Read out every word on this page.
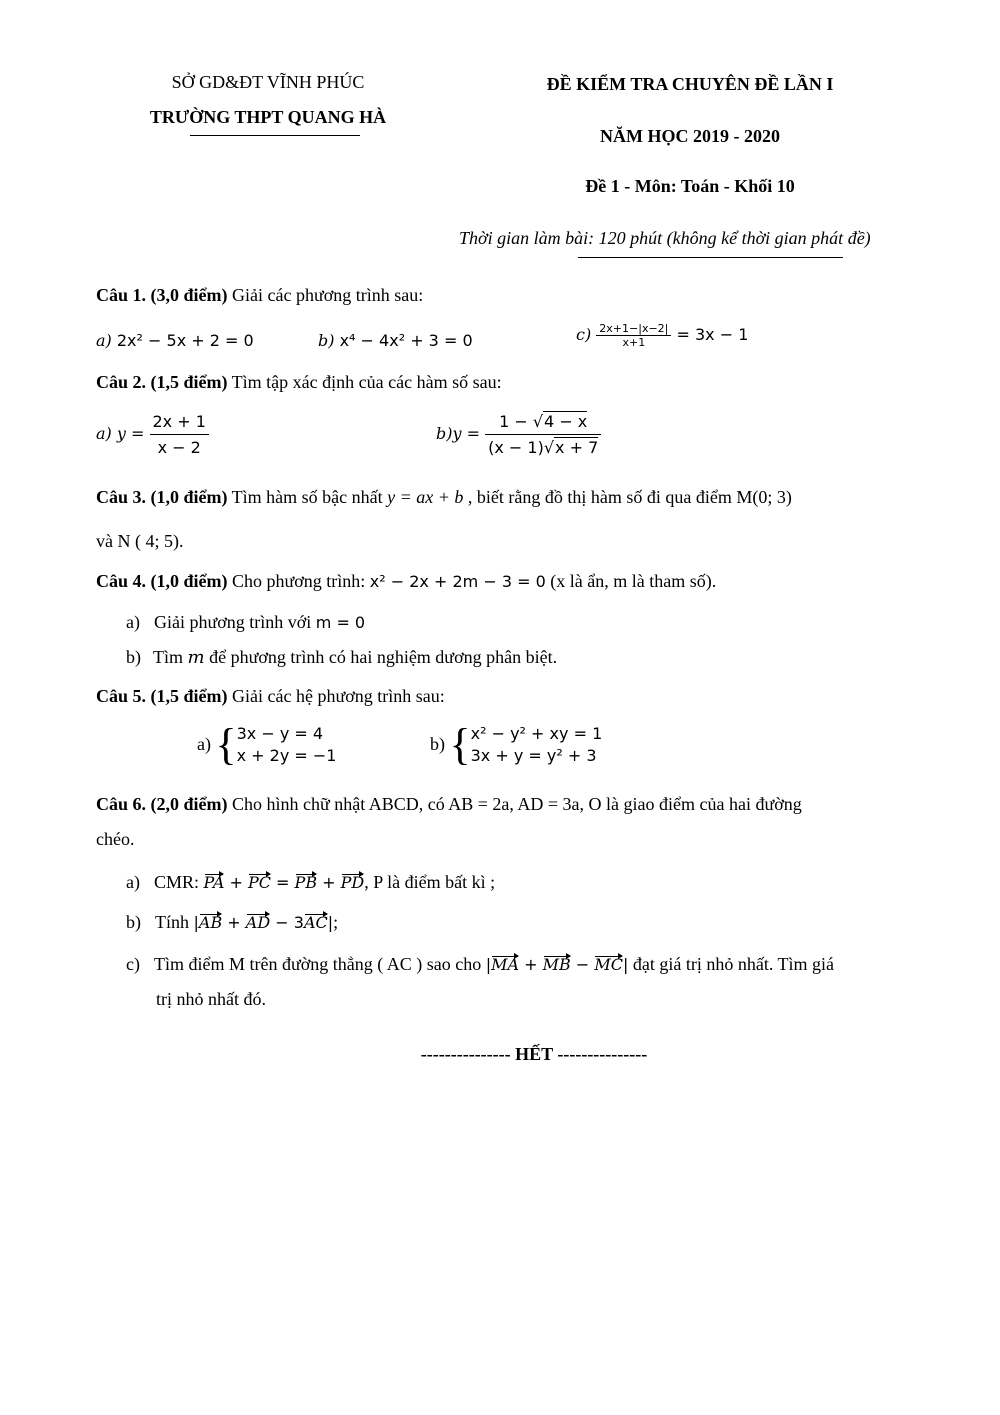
SỞ GD&ĐT VĨNH PHÚC
TRƯỜNG THPT QUANG HÀ
ĐỀ KIỂM TRA CHUYÊN ĐỀ LẦN I
NĂM HỌC 2019 - 2020
Đề 1 - Môn: Toán - Khối 10
Thời gian làm bài: 120 phút (không kể thời gian phát đề)
Câu 1. (3,0 điểm) Giải các phương trình sau:
a) 2x² − 5x + 2 = 0	b) x⁴ − 4x² + 3 = 0	$c) \frac{2x+1-|x-2|}{x+1} = 3x - 1$
Câu 2. (1,5 điểm) Tìm tập xác định của các hàm số sau:
a) $y = \frac{2x + 1}{x - 2}$	$b)y = \frac{1 - √4 - x}{(x - 1)√x + 7}$
Câu 3. (1,0 điểm) Tìm hàm số bậc nhất y = ax + b , biết rằng đồ thị hàm số đi qua điểm M(0; 3)
và N ( 4; 5).
Câu 4. (1,0 điểm) Cho phương trình: x² − 2x + 2m − 3 = 0 (x là ẩn, m là tham số).
a) Giải phương trình với m = 0
b) Tìm m để phương trình có hai nghiệm dương phân biệt.
Câu 5. (1,5 điểm) Giải các hệ phương trình sau:
a) { 3x − y = 4
x + 2y = −1
b) { x² − y² + xy = 1
3x + y = y² + 3
Câu 6. (2,0 điểm) Cho hình chữ nhật ABCD, có AB = 2a, AD = 3a, O là giao điểm của hai đường
chéo.
a) CMR: PA + PC = PB + PD, P là điểm bất kì ;
b) Tính |AB + AD − 3AC|;
c) Tìm điểm M trên đường thẳng ( AC ) sao cho |MA + MB − MC| đạt giá trị nhỏ nhất. Tìm giá
trị nhỏ nhất đó.
--------------- HẾT ---------------
